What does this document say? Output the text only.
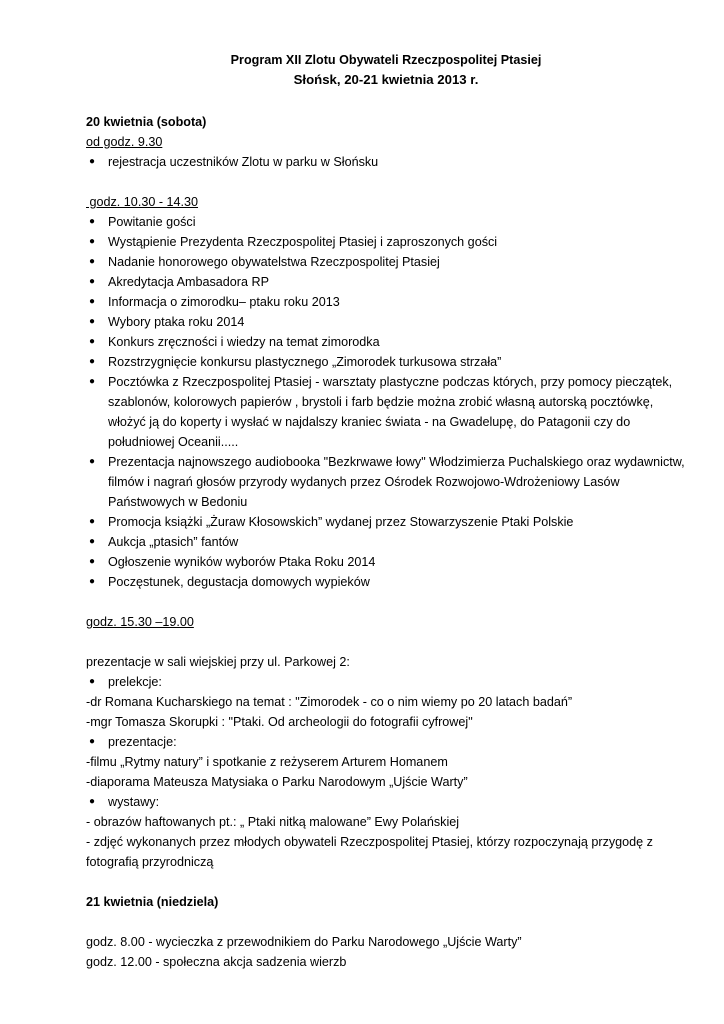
Program XII Zlotu Obywateli Rzeczpospolitej Ptasiej
Słońsk, 20-21 kwietnia 2013 r.
20 kwietnia (sobota)
od godz. 9.30
● rejestracja uczestników Zlotu w parku w Słońsku
godz. 10.30 - 14.30
● Powitanie gości
● Wystąpienie Prezydenta Rzeczpospolitej Ptasiej i zaproszonych gości
● Nadanie honorowego obywatelstwa Rzeczpospolitej Ptasiej
● Akredytacja Ambasadora RP
● Informacja o zimorodku– ptaku roku 2013
● Wybory ptaka roku 2014
● Konkurs zręczności i wiedzy na temat zimorodka
● Rozstrzygnięcie konkursu plastycznego „Zimorodek turkusowa strzała”
● Pocztówka z Rzeczpospolitej Ptasiej - warsztaty plastyczne podczas których, przy pomocy pieczątek, szablonów, kolorowych papierów , brystoli i farb będzie można zrobić własną autorską pocztówkę, włożyć ją do koperty i wysłać w najdalszy kraniec świata - na Gwadelupę, do Patagonii czy do południowej Oceanii.....
● Prezentacja najnowszego audiobooka "Bezkrwawe łowy" Włodzimierza Puchalskiego oraz wydawnictw, filmów i nagrań głosów przyrody wydanych przez Ośrodek Rozwojowo-Wdrożeniowy Lasów Państwowych w Bedoniu
● Promocja książki „Żuraw Kłosowskich” wydanej przez Stowarzyszenie Ptaki Polskie
● Aukcja „ptasich” fantów
● Ogłoszenie wyników wyborów Ptaka Roku 2014
● Poczęstunek, degustacja domowych wypieków
godz. 15.30 –19.00
prezentacje w sali wiejskiej przy ul. Parkowej 2:
● prelekcje:
-dr Romana Kucharskiego na temat : "Zimorodek - co o nim wiemy po 20 latach badań”
-mgr Tomasza Skorupki : "Ptaki. Od archeologii do fotografii cyfrowej"
● prezentacje:
-filmu „Rytmy natury” i spotkanie z reżyserem Arturem Homanem
-diaporama Mateusza Matysiaka o Parku Narodowym „Ujście Warty”
● wystawy:
- obrazów haftowanych pt.: „ Ptaki nitką malowane” Ewy Polańskiej
- zdjęć wykonanych przez młodych obywateli Rzeczpospolitej Ptasiej, którzy rozpoczynają przygodę z fotografią przyrodniczą
21 kwietnia (niedziela)
godz. 8.00 - wycieczka z przewodnikiem do Parku Narodowego „Ujście Warty”
godz. 12.00 - społeczna akcja sadzenia wierzb
